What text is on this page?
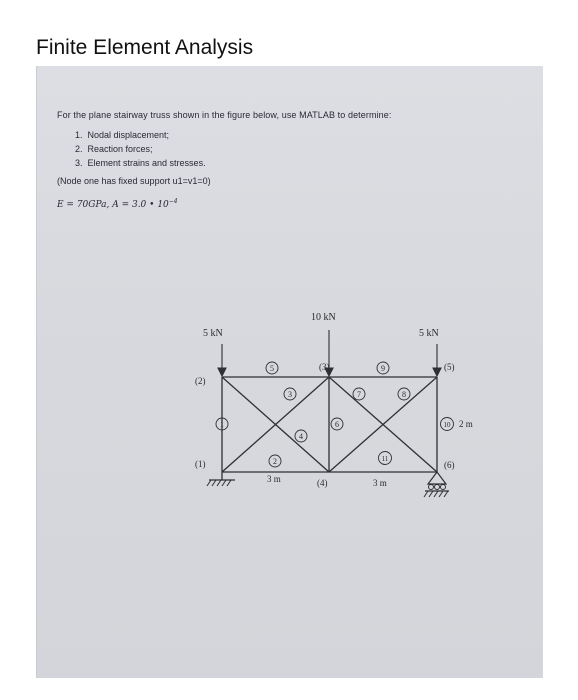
Finite Element Analysis
For the plane stairway truss shown in the figure below, use MATLAB to determine:
1. Nodal displacement;
2. Reaction forces;
3. Element strains and stresses.
(Node one has fixed support u1=v1=0)
E = 70GPa, A = 3.0 • $10^{-4}$
5 kN
10 kN
5 kN
(1)
(2)
(3)
(4)
(5)
(6)
1
2
3
4
5
6
7	8
9
10
11
3 m	3 m
2 m
